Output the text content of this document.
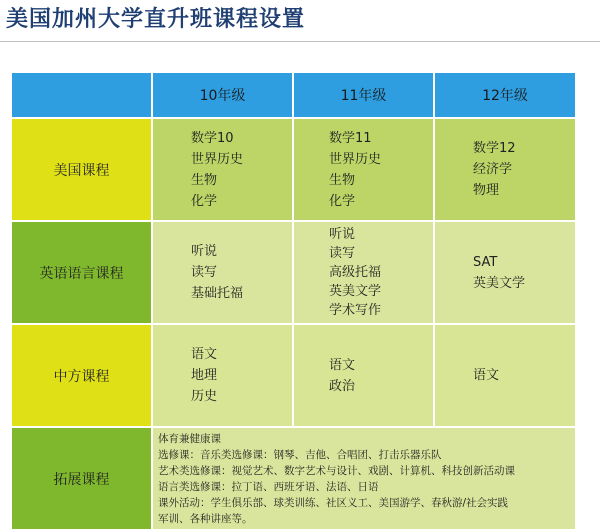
美国加州大学直升班课程设置
10年级	11年级	12年级
美国课程
数学10
世界历史
生物
化学
数学11
世界历史
生物
化学
数学12
经济学
物理
英语语言课程
听说
读写
基础托福
听说
读写
高级托福
英美文学
学术写作
SAT
英美文学
中方课程
语文
地理
历史
语文
政治
语文
拓展课程
体育兼健康课
选修课：音乐类选修课：钢琴、吉他、合唱团、打击乐器乐队
艺术类选修课：视觉艺术、数字艺术与设计、戏剧、计算机、科技创新活动课
语言类选修课：拉丁语、西班牙语、法语、日语
课外活动：学生俱乐部、球类训练、社区义工、美国游学、春秋游/社会实践
军训、各种讲座等。
